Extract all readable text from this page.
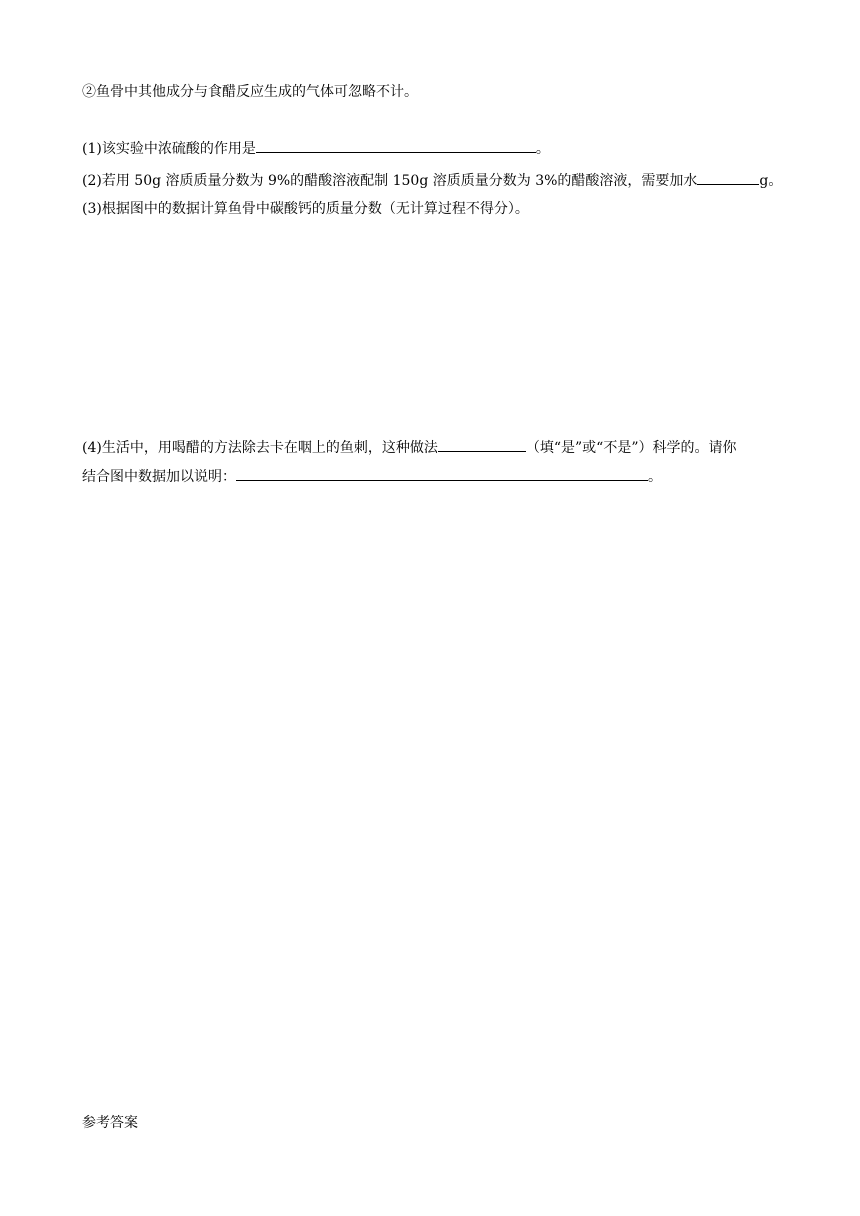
②鱼骨中其他成分与食醋反应生成的气体可忽略不计。
(1)该实验中浓硫酸的作用是	。
(2)若用 50g 溶质质量分数为 9%的醋酸溶液配制 150g 溶质质量分数为 3%的醋酸溶液，需要加水	g。
(3)根据图中的数据计算鱼骨中碳酸钙的质量分数（无计算过程不得分）。
(4)生活中，用喝醋的方法除去卡在咽上的鱼刺，这种做法	（填“是”或“不是”）科学的。请你
结合图中数据加以说明：	。
参考答案
